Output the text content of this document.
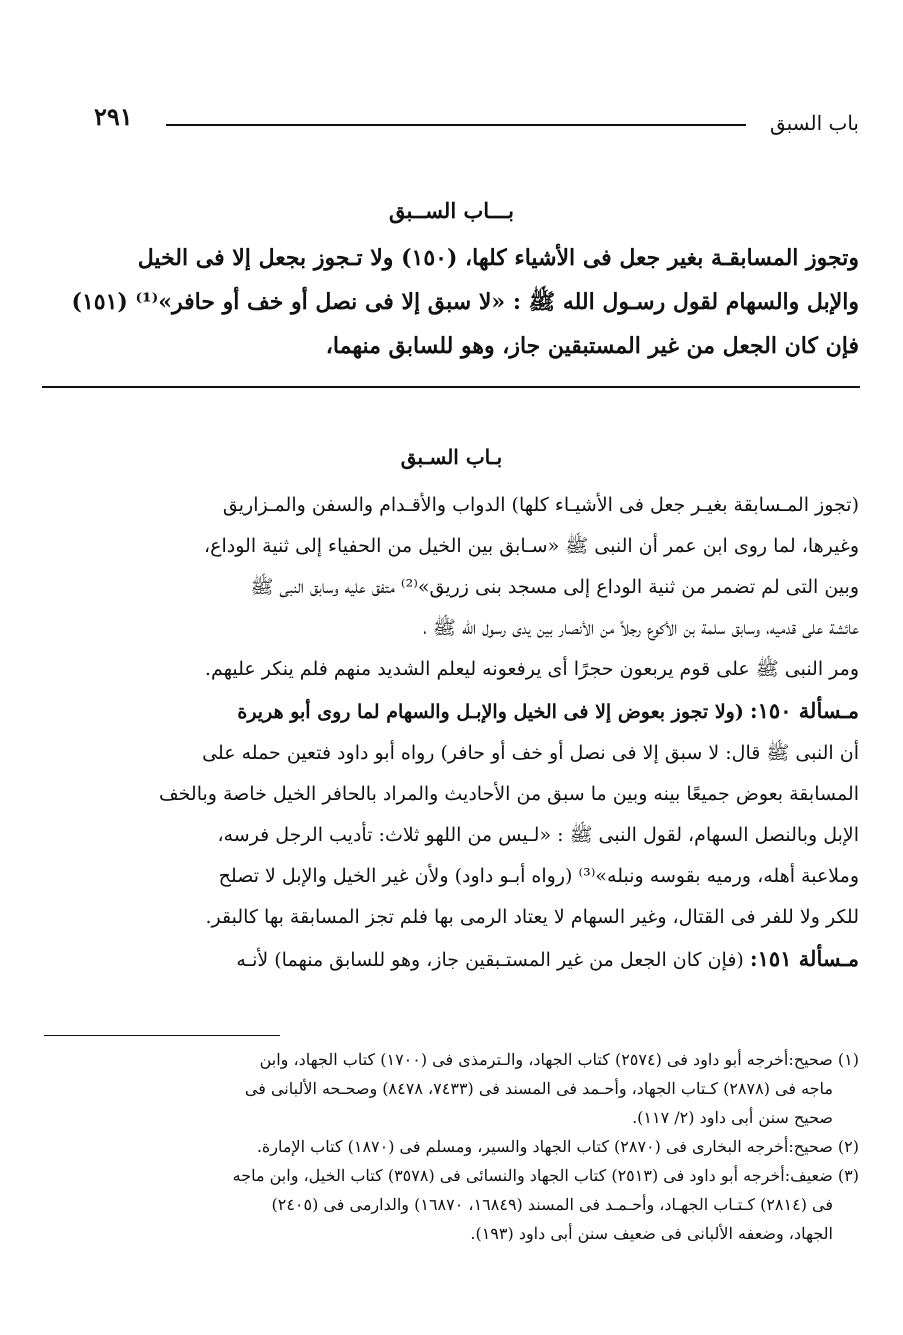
باب السبق
٢٩١
بـــاب الســبق
وتجوز المسابقـة بغير جعل فى الأشياء كلها، (١٥٠) ولا تـجوز بجعل إلا فى الخيل
والإبل والسهام لقول رسـول الله ﷺ : «لا سبق إلا فى نصل أو خف أو حافر»⁽¹⁾ (١٥١)
فإن كان الجعل من غير المستبقين جاز، وهو للسابق منهما،
بـاب السـبق
(تجوز المـسابقة بغيـر جعل فى الأشيـاء كلها) الدواب والأقـدام والسفن والمـزاريق
وغيرها، لما روى ابن عمر أن النبى ﷺ «سـابق بين الخيل من الحفياء إلى ثنية الوداع،
وبين التى لم تضمر من ثنية الوداع إلى مسجد بنى زريق»⁽²⁾ متفق عليه وسابق النبى ﷺ
عائشة على قدميه، وسابق سلمة بن الأكوع رجلاً من الأنصار بين يدى رسول الله ﷺ ،
ومر النبى ﷺ على قوم يربعون حجرًا أى يرفعونه ليعلم الشديد منهم فلم ينكر عليهم.
مـسألة ١٥٠: (ولا تجوز بعوض إلا فى الخيل والإبـل والسهام لما روى أبو هريرة
أن النبى ﷺ قال: لا سبق إلا فى نصل أو خف أو حافر) رواه أبو داود فتعين حمله على
المسابقة بعوض جميعًا بينه وبين ما سبق من الأحاديث والمراد بالحافر الخيل خاصة وبالخف
الإبل وبالنصل السهام، لقول النبى ﷺ : «لـيس من اللهو ثلاث: تأديب الرجل فرسه،
وملاعبة أهله، ورميه بقوسه ونبله»⁽³⁾ (رواه أبـو داود) ولأن غير الخيل والإبل لا تصلح
للكر ولا للفر فى القتال، وغير السهام لا يعتاد الرمى بها فلم تجز المسابقة بها كالبقر.
مـسألة ١٥١: (فإن كان الجعل من غير المستـبقين جاز، وهو للسابق منهما) لأنـه
(١) صحيح:أخرجه أبو داود فى (٢٥٧٤) كتاب الجهاد، والـترمذى فى (١٧٠٠) كتاب الجهاد، وابن
ماجه فى (٢٨٧٨) كـتاب الجهاد، وأحـمد فى المسند فى (٧٤٣٣، ٨٤٧٨) وصحـحه الألبانى فى
صحيح سنن أبى داود (٢/ ١١٧).
(٢) صحيح:أخرجه البخارى فى (٢٨٧٠) كتاب الجهاد والسير، ومسلم فى (١٨٧٠) كتاب الإمارة.
(٣) ضعيف:أخرجه أبو داود فى (٢٥١٣) كتاب الجهاد والنسائى فى (٣٥٧٨) كتاب الخيل، وابن ماجه
فى (٢٨١٤) كـتـاب الجهـاد، وأحـمـد فى المسند (١٦٨٤٩، ١٦٨٧٠) والدارمى فى (٢٤٠٥)
الجهاد، وضعفه الألبانى فى ضعيف سنن أبى داود (١٩٣).
